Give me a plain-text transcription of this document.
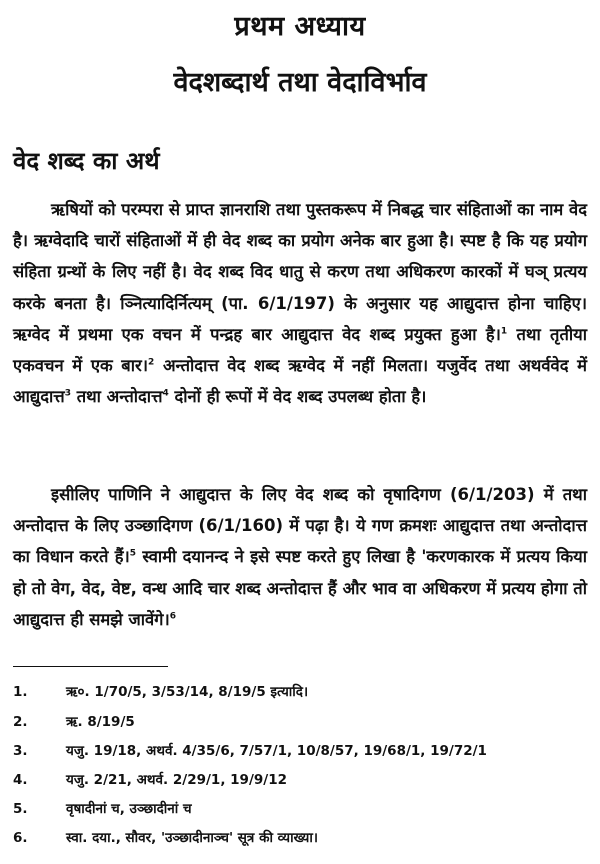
प्रथम अध्याय
वेदशब्दार्थ तथा वेदाविर्भाव
वेद शब्द का अर्थ

ऋषियों को परम्परा से प्राप्त ज्ञानराशि तथा पुस्तकरूप में निबद्ध चार संहिताओं का नाम वेद है। ऋग्वेदादि चारों संहिताओं में ही वेद शब्द का प्रयोग अनेक बार हुआ है। स्पष्ट है कि यह प्रयोग संहिता ग्रन्थों के लिए नहीं है। वेद शब्द विद धातु से करण तथा अधिकरण कारकों में घञ् प्रत्यय करके बनता है। ञ्नित्यादिर्नित्यम् (पा. 6/1/197) के अनुसार यह आद्युदात्त होना चाहिए। ऋग्वेद में प्रथमा एक वचन में पन्द्रह बार आद्युदात्त वेद शब्द प्रयुक्त हुआ है।$^1$ तथा तृतीया एकवचन में एक बार।$^2$ अन्तोदात्त वेद शब्द ऋग्वेद में नहीं मिलता। यजुर्वेद तथा अथर्ववेद में आद्युदात्त$^3$ तथा अन्तोदात्त$^4$ दोनों ही रूपों में वेद शब्द उपलब्ध होता है।

इसीलिए पाणिनि ने आद्युदात्त के लिए वेद शब्द को वृषादिगण (6/1/203) में तथा अन्तोदात्त के लिए उञ्छादिगण (6/1/160) में पढ़ा है। ये गण क्रमशः आद्युदात्त तथा अन्तोदात्त का विधान करते हैं।$^5$ स्वामी दयानन्द ने इसे स्पष्ट करते हुए लिखा है 'करणकारक में प्रत्यय किया हो तो वेग, वेद, वेष्ट, वन्ध आदि चार शब्द अन्तोदात्त हैं और भाव वा अधिकरण में प्रत्यय होगा तो आद्युदात्त ही समझे जावेंगे।$^6$

1.	ऋ०. 1/70/5, 3/53/14, 8/19/5 इत्यादि।
2.	ऋ. 8/19/5
3.	यजु. 19/18, अथर्व. 4/35/6, 7/57/1, 10/8/57, 19/68/1, 19/72/1
4.	यजु. 2/21, अथर्व. 2/29/1, 19/9/12
5.	वृषादीनां च, उञ्छादीनां च
6.	स्वा. दया., सौवर, 'उञ्छादीनाञ्च' सूत्र की व्याख्या।
